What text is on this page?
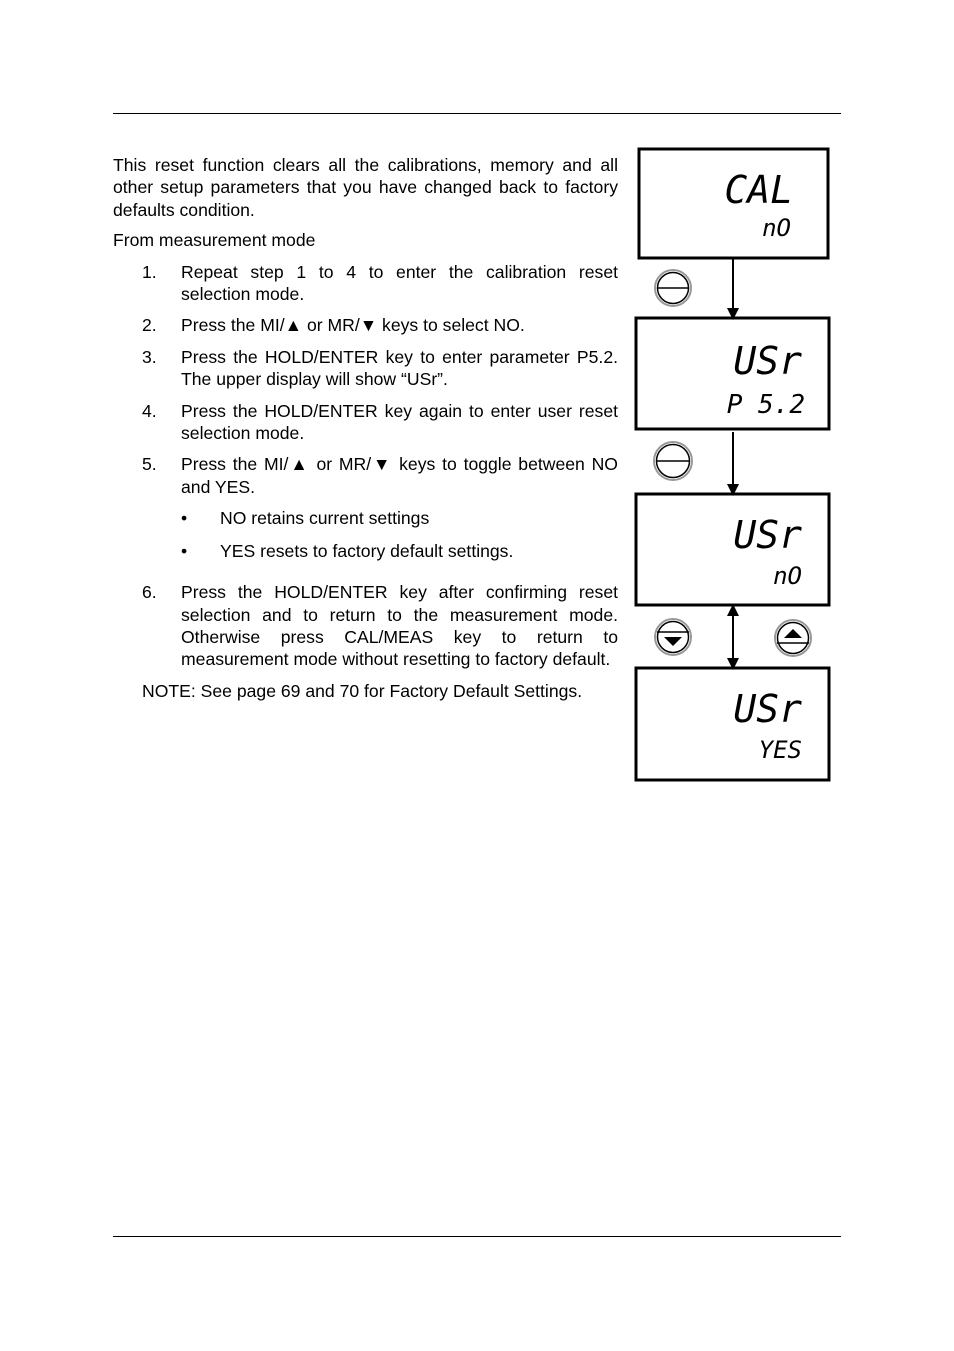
This reset function clears all the calibrations, memory and all other setup parameters that you have changed back to factory defaults condition.

From measurement mode

1.	Repeat step 1 to 4 to enter the calibration reset selection mode.
2.	Press the MI/▲ or MR/▼ keys to select NO.
3.	Press the HOLD/ENTER key to enter parameter P5.2. The upper display will show “USr”.
4.	Press the HOLD/ENTER key again to enter user reset selection mode.
5.	Press the MI/▲ or MR/▼ keys to toggle between NO and YES.
•	NO retains current settings
•	YES resets to factory default settings.
6.	Press the HOLD/ENTER key after confirming reset selection and to return to the measurement mode. Otherwise press CAL/MEAS key to return to measurement mode without resetting to factory default.

NOTE: See page 69 and 70 for Factory Default Settings.

CAL
nO
USr
P 5.2
USr
nO
USr
YES
